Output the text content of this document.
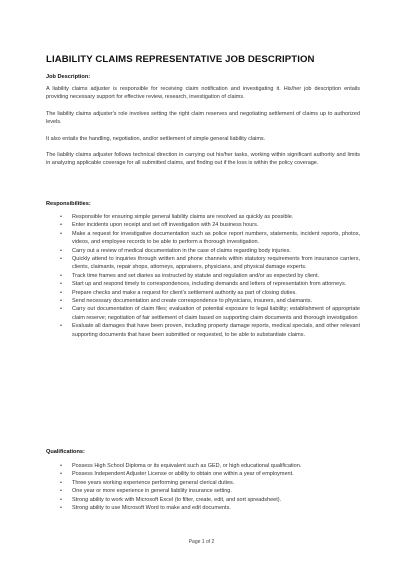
LIABILITY CLAIMS REPRESENTATIVE JOB DESCRIPTION
Job Description:
A liability claims adjuster is responsible for receiving claim notification and investigating it. His/her job description entails providing necessary support for effective review, research, investigation of claims.
The liability claims adjuster's role involves setting the right claim reserves and negotiating settlement of claims up to authorized levels.
It also entails the handling, negotiation, and/or settlement of simple general liability claims.
The liability claims adjuster follows technical direction in carrying out his/her tasks, working within significant authority and limits in analyzing applicable coverage for all submitted claims, and finding out if the loss is within the policy coverage.
Responsibilities:
• Responsible for ensuring simple general liability claims are resolved as quickly as possible.
• Enter incidents upon receipt and set off investigation with 24 business hours.
• Make a request for investigative documentation such as police report numbers, statements, incident reports, photos, videos, and employee records to be able to perform a thorough investigation.
• Carry out a review of medical documentation in the case of claims regarding body injuries.
• Quickly attend to inquiries through written and phone channels within statutory requirements from insurance carriers, clients, claimants, repair shops, attorneys, appraisers, physicians, and physical damage experts.
• Track time frames and set diaries as instructed by statute and regulation and/or as expected by client.
• Start up and respond timely to correspondences, including demands and letters of representation from attorneys.
• Prepare checks and make a request for client's settlement authority as part of closing duties.
• Send necessary documentation and create correspondence to physicians, insurers, and claimants.
• Carry out documentation of claim files; evaluation of potential exposure to legal liability; establishment of appropriate claim reserve; negotiation of fair settlement of claim based on supporting claim documents and thorough investigation
• Evaluate all damages that have been proven, including property damage reports, medical specials, and other relevant supporting documents that have been submitted or requested, to be able to substantiate claims.
Qualifications:
• Possess High School Diploma or its equivalent such as GED, or high educational qualification.
• Possess Independent Adjuster License or ability to obtain one within a year of employment.
• Three years working experience performing general clerical duties.
• One year or more experience in general liability insurance setting.
• Strong ability to work with Microsoft Excel (to filter, create, edit, and sort spreadsheet).
• Strong ability to use Microsoft Word to make and edit documents.
Page 1 of 2
